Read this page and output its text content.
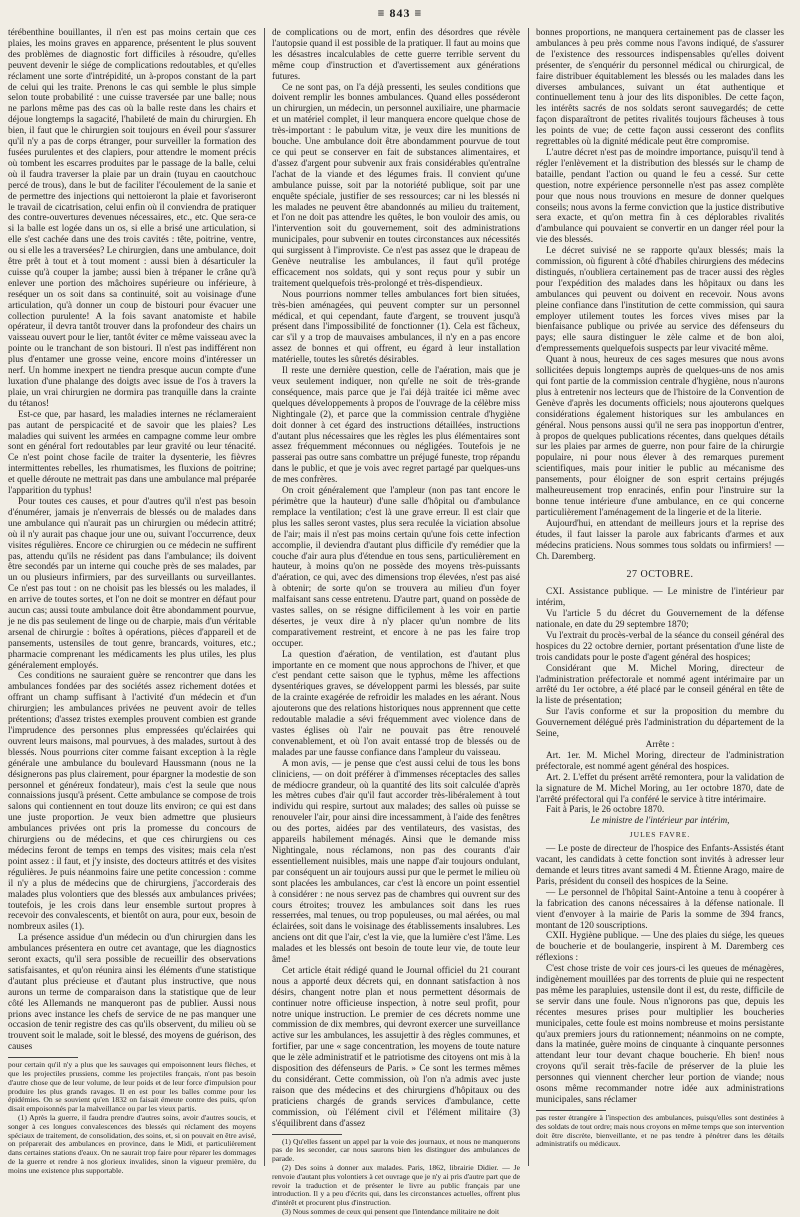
≡ 843 ≡

térébenthine bouillantes, il n'en est pas moins certain que ces plaies, les moins graves en apparence, présentent le plus souvent des problèmes de diagnostic fort difficiles à résoudre, qu'elles peuvent devenir le siége de complications redoutables, et qu'elles réclament une sorte d'intrépidité, un à-propos constant de la part de celui qui les traite. Prenons le cas qui semble le plus simple selon toute probabilité : une cuisse traversée par une balle; nous ne parlons même pas des cas où la balle reste dans les chairs et déjoue longtemps la sagacité, l'habileté de main du chirurgien. Eh bien, il faut que le chirurgien soit toujours en éveil pour s'assurer qu'il n'y a pas de corps étranger, pour surveiller la formation des fusées purulentes et des clapiers, pour attendre le moment précis où tombent les escarres produites par le passage de la balle, celui où il faudra traverser la plaie par un drain (tuyau en caoutchouc percé de trous), dans le but de faciliter l'écoulement de la sanie et de permettre des injections qui nettoieront la plaie et favoriseront le travail de cicatrisation, celui enfin où il conviendra de pratiquer des contre-ouvertures devenues nécessaires, etc., etc. Que sera-ce si la balle est logée dans un os, si elle a brisé une articulation, si elle s'est cachée dans une des trois cavités : tête, poitrine, ventre, ou si elle les a traversées? Le chirurgien, dans une ambulance, doit être prêt à tout et à tout moment : aussi bien à désarticuler la cuisse qu'à couper la jambe; aussi bien à trépaner le crâne qu'à enlever une portion des mâchoires supérieure ou inférieure, à reséquer un os soit dans sa continuité, soit au voisinage d'une articulation, qu'à donner un coup de bistouri pour évacuer une collection purulente! A la fois savant anatomiste et habile opérateur, il devra tantôt trouver dans la profondeur des chairs un vaisseau ouvert pour le lier, tantôt éviter ce même vaisseau avec la pointe ou le tranchant de son bistouri. Il n'est pas indifférent non plus d'entamer une grosse veine, encore moins d'intéresser un nerf. Un homme inexpert ne tiendra presque aucun compte d'une luxation d'une phalange des doigts avec issue de l'os à travers la plaie, un vrai chirurgien ne dormira pas tranquille dans la crainte du tétanos!

Est-ce que, par hasard, les maladies internes ne réclameraient pas autant de perspicacité et de savoir que les plaies? Les maladies qui suivent les armées en campagne comme leur ombre sont en général fort redoutables par leur gravité ou leur ténacité. Ce n'est point chose facile de traiter la dysenterie, les fièvres intermittentes rebelles, les rhumatismes, les fluxions de poitrine; et quelle déroute ne mettrait pas dans une ambulance mal préparée l'apparition du typhus!

Pour toutes ces causes, et pour d'autres qu'il n'est pas besoin d'énumérer, jamais je n'enverrais de blessés ou de malades dans une ambulance qui n'aurait pas un chirurgien ou médecin attitré; où il n'y aurait pas chaque jour une ou, suivant l'occurrence, deux visites régulières. Encore ce chirurgien ou ce médecin ne suffirent pas, attendu qu'ils ne résident pas dans l'ambulance; ils doivent être secondés par un interne qui couche près de ses malades, par un ou plusieurs infirmiers, par des surveillants ou surveillantes. Ce n'est pas tout : on ne choisit pas les blessés ou les malades, il en arrive de toutes sortes, et l'on ne doit se montrer en défaut pour aucun cas; aussi toute ambulance doit être abondamment pourvue, je ne dis pas seulement de linge ou de charpie, mais d'un véritable arsenal de chirurgie : boîtes à opérations, pièces d'appareil et de pansements, ustensiles de tout genre, brancards, voitures, etc.; pharmacie comprenant les médicaments les plus utiles, les plus généralement employés.

Ces conditions ne sauraient guère se rencontrer que dans les ambulances fondées par des sociétés assez richement dotées et offrant un champ suffisant à l'activité d'un médecin et d'un chirurgien; les ambulances privées ne peuvent avoir de telles prétentions; d'assez tristes exemples prouvent combien est grande l'imprudence des personnes plus empressées qu'éclairées qui ouvrent leurs maisons, mal pourvues, à des malades, surtout à des blessés. Nous pourrions citer comme faisant exception à la règle générale une ambulance du boulevard Haussmann (nous ne la désignerons pas plus clairement, pour épargner la modestie de son personnel et généreux fondateur), mais c'est la seule que nous connaissions jusqu'à présent. Cette ambulance se compose de trois salons qui contiennent en tout douze lits environ; ce qui est dans une juste proportion. Je veux bien admettre que plusieurs ambulances privées ont pris la promesse du concours de chirurgiens ou de médecins, et que ces chirurgiens ou ces médecins feront de temps en temps des visites; mais cela n'est point assez : il faut, et j'y insiste, des docteurs attitrés et des visites régulières. Je puis néanmoins faire une petite concession : comme il n'y a plus de médecins que de chirurgiens, j'accorderais des malades plus volontiers que des blessés aux ambulances privées; toutefois, je les crois dans leur ensemble surtout propres à recevoir des convalescents, et bientôt on aura, pour eux, besoin de nombreux asiles (1).

La présence assidue d'un médecin ou d'un chirurgien dans les ambulances présentera en outre cet avantage, que les diagnostics seront exacts, qu'il sera possible de recueillir des observations satisfaisantes, et qu'on réunira ainsi les éléments d'une statistique d'autant plus précieuse et d'autant plus instructive, que nous aurons un terme de comparaison dans la statistique que de leur côté les Allemands ne manqueront pas de publier. Aussi nous prions avec instance les chefs de service de ne pas manquer une occasion de tenir registre des cas qu'ils observent, du milieu où se trouvent soit le malade, soit le blessé, des moyens de guérison, des causes

pour certain qu'il n'y a plus que les sauvages qui empoisonnent leurs flèches, et que les projectiles prussiens, comme les projectiles français, n'ont pas besoin d'autre chose que de leur volume, de leur poids et de leur force d'impulsion pour produire les plus grands ravages. Il en est pour les balles comme pour les épidémies. On se souvient qu'en 1832 on faisait émeute contre des puits, qu'on disait empoisonnés par la malveillance ou par les vieux partis.

(1) Après la guerre, il faudra prendre d'autres soins, avoir d'autres soucis, et songer à ces longues convalescences des blessés qui réclament des moyens spéciaux de traitement, de consolidation, des soins, et, si on pouvait en être avisé, on préparerait des ambulances en province, dans le Midi, et particulièrement dans certaines stations d'eaux. On ne saurait trop faire pour réparer les dommages de la guerre et rendre à nos glorieux invalides, sinon la vigueur première, du moins une existence plus supportable.

de complications ou de mort, enfin des désordres que révèle l'autopsie quand il est possible de la pratiquer. Il faut au moins que les désastres incalculables de cette guerre terrible servent du même coup d'instruction et d'avertissement aux générations futures.

Ce ne sont pas, on l'a déjà pressenti, les seules conditions que doivent remplir les bonnes ambulances. Quand elles posséderont un chirurgien, un médecin, un personnel auxiliaire, une pharmacie et un matériel complet, il leur manquera encore quelque chose de très-important : le pabulum vitæ, je veux dire les munitions de bouche. Une ambulance doit être abondamment pourvue de tout ce qui peut se conserver en fait de substances alimentaires, et d'assez d'argent pour subvenir aux frais considérables qu'entraîne l'achat de la viande et des légumes frais. Il convient qu'une ambulance puisse, soit par la notoriété publique, soit par une enquête spéciale, justifier de ses ressources; car ni les blessés ni les malades ne peuvent être abandonnés au milieu du traitement, et l'on ne doit pas attendre les quêtes, le bon vouloir des amis, ou l'intervention soit du gouvernement, soit des administrations municipales, pour subvenir en toutes circonstances aux nécessités qui surgissent à l'improviste. Ce n'est pas assez que le drapeau de Genève neutralise les ambulances, il faut qu'il protége efficacement nos soldats, qui y sont reçus pour y subir un traitement quelquefois très-prolongé et très-dispendieux.

Nous pourrions nommer telles ambulances fort bien situées, très-bien aménagées, qui peuvent compter sur un personnel médical, et qui cependant, faute d'argent, se trouvent jusqu'à présent dans l'impossibilité de fonctionner (1). Cela est fâcheux, car s'il y a trop de mauvaises ambulances, il n'y en a pas encore assez de bonnes et qui offrent, eu égard à leur installation matérielle, toutes les sûretés désirables.

Il reste une dernière question, celle de l'aération, mais que je veux seulement indiquer, non qu'elle ne soit de très-grande conséquence, mais parce que je l'ai déjà traitée ici même avec quelques développements à propos de l'ouvrage de la célèbre miss Nightingale (2), et parce que la commission centrale d'hygiène doit donner à cet égard des instructions détaillées, instructions d'autant plus nécessaires que les règles les plus élémentaires sont assez fréquemment méconnues ou négligées. Toutefois je ne passerai pas outre sans combattre un préjugé funeste, trop répandu dans le public, et que je vois avec regret partagé par quelques-uns de mes confrères.

On croit généralement que l'ampleur (non pas tant encore le périmètre que la hauteur) d'une salle d'hôpital ou d'ambulance remplace la ventilation; c'est là une grave erreur. Il est clair que plus les salles seront vastes, plus sera reculée la viciation absolue de l'air; mais il n'est pas moins certain qu'une fois cette infection accomplie, il deviendra d'autant plus difficile d'y remédier que la couche d'air aura plus d'étendue en tous sens, particulièrement en hauteur, à moins qu'on ne possède des moyens très-puissants d'aération, ce qui, avec des dimensions trop élevées, n'est pas aisé à obtenir; de sorte qu'on se trouvera au milieu d'un foyer malfaisant sans cesse entretenu. D'autre part, quand on possède de vastes salles, on se résigne difficilement à les voir en partie désertes, je veux dire à n'y placer qu'un nombre de lits comparativement restreint, et encore à ne pas les faire trop occuper.

La question d'aération, de ventilation, est d'autant plus importante en ce moment que nous approchons de l'hiver, et que c'est pendant cette saison que le typhus, même les affections dysentériques graves, se développent parmi les blessés, par suite de la crainte exagérée de refroidir les malades en les aérant. Nous ajouterons que des relations historiques nous apprennent que cette redoutable maladie a sévi fréquemment avec violence dans de vastes églises où l'air ne pouvait pas être renouvelé convenablement, et où l'on avait entassé trop de blessés ou de malades par une fausse confiance dans l'ampleur du vaisseau.

A mon avis, — je pense que c'est aussi celui de tous les bons cliniciens, — on doit préférer à d'immenses réceptacles des salles de médiocre grandeur, où la quantité des lits soit calculée d'après les mètres cubes d'air qu'il faut accorder très-libéralement à tout individu qui respire, surtout aux malades; des salles où puisse se renouveler l'air, pour ainsi dire incessamment, à l'aide des fenêtres ou des portes, aidées par des ventilateurs, des vasistas, des appareils habilement ménagés. Ainsi que le demande miss Nightingale, nous réclamons, non pas des courants d'air essentiellement nuisibles, mais une nappe d'air toujours ondulant, par conséquent un air toujours aussi pur que le permet le milieu où sont placées les ambulances, car c'est là encore un point essentiel à considérer : ne nous servez pas de chambres qui ouvrent sur des cours étroites; trouvez les ambulances soit dans les rues resserrées, mal tenues, ou trop populeuses, ou mal aérées, ou mal éclairées, soit dans le voisinage des établissements insalubres. Les anciens ont dit que l'air, c'est la vie, que la lumière c'est l'âme. Les malades et les blessés ont besoin de toute leur vie, de toute leur âme!

Cet article était rédigé quand le Journal officiel du 21 courant nous a apporté deux décrets qui, en donnant satisfaction à nos désirs, changent notre plan et nous permettent désormais de continuer notre officieuse inspection, à notre seul profit, pour notre unique instruction. Le premier de ces décrets nomme une commission de dix membres, qui devront exercer une surveillance active sur les ambulances, les assujettir à des règles communes, et fortifier, par une « sage concentration, les moyens de toute nature que le zèle administratif et le patriotisme des citoyens ont mis à la disposition des défenseurs de Paris. » Ce sont les termes mêmes du considérant. Cette commission, où l'on n'a admis avec juste raison que des médecins et des chirurgiens d'hôpitaux ou des praticiens chargés de grands services d'ambulance, cette commission, où l'élément civil et l'élément militaire (3) s'équilibrent dans d'assez

(1) Qu'elles fassent un appel par la voie des journaux, et nous ne manquerons pas de les seconder, car nous saurons bien les distinguer des ambulances de parade.

(2) Des soins à donner aux malades. Paris, 1862, librairie Didier. — Je renvoie d'autant plus volontiers à cet ouvrage que je n'y ai pris d'autre part que de revoir la traduction et de présenter le livre au public français par une introduction. Il y a peu d'écrits qui, dans les circonstances actuelles, offrent plus d'intérêt et procurent plus d'instruction.

(3) Nous sommes de ceux qui pensent que l'intendance militaire ne doit

bonnes proportions, ne manquera certainement pas de classer les ambulances à peu près comme nous l'avons indiqué, de s'assurer de l'existence des ressources indispensables qu'elles doivent présenter, de s'enquérir du personnel médical ou chirurgical, de faire distribuer équitablement les blessés ou les malades dans les diverses ambulances, suivant un état authentique et continuellement tenu à jour des lits disponibles. De cette façon, les intérêts sacrés de nos soldats seront sauvegardés; de cette façon disparaîtront de petites rivalités toujours fâcheuses à tous les points de vue; de cette façon aussi cesseront des conflits regrettables où la dignité médicale peut être compromise.

L'autre décret n'est pas de moindre importance, puisqu'il tend à régler l'enlèvement et la distribution des blessés sur le champ de bataille, pendant l'action ou quand le feu a cessé. Sur cette question, notre expérience personnelle n'est pas assez complète pour que nous nous trouvions en mesure de donner quelques conseils; nous avons la ferme conviction que la justice distributive sera exacte, et qu'on mettra fin à ces déplorables rivalités d'ambulance qui pouvaient se convertir en un danger réel pour la vie des blessés.

Le décret suivisé ne se rapporte qu'aux blessés; mais la commission, où figurent à côté d'habiles chirurgiens des médecins distingués, n'oubliera certainement pas de tracer aussi des règles pour l'expédition des malades dans les hôpitaux ou dans les ambulances qui peuvent ou doivent en recevoir. Nous avons pleine confiance dans l'institution de cette commission, qui saura employer utilement toutes les forces vives mises par la bienfaisance publique ou privée au service des défenseurs du pays; elle saura distinguer le zèle calme et de bon aloi, d'empressements quelquefois suspects par leur vivacité même.

Quant à nous, heureux de ces sages mesures que nous avons sollicitées depuis longtemps auprès de quelques-uns de nos amis qui font partie de la commission centrale d'hygiène, nous n'aurons plus à entretenir nos lecteurs que de l'histoire de la Convention de Genève d'après les documents officiels; nous ajouterons quelques considérations également historiques sur les ambulances en général. Nous pensons aussi qu'il ne sera pas inopportun d'entrer, à propos de quelques publications récentes, dans quelques détails sur les plaies par armes de guerre, non pour faire de la chirurgie populaire, ni pour nous élever à des remarques purement scientifiques, mais pour initier le public au mécanisme des pansements, pour éloigner de son esprit certains préjugés malheureusement trop enracinés, enfin pour l'instruire sur la bonne tenue intérieure d'une ambulance, en ce qui concerne particulièrement l'aménagement de la lingerie et de la literie.

Aujourd'hui, en attendant de meilleurs jours et la reprise des études, il faut laisser la parole aux fabricants d'armes et aux médecins praticiens. Nous sommes tous soldats ou infirmiers! — Ch. Daremberg.

27 OCTOBRE.

CXI. Assistance publique. — Le ministre de l'intérieur par intérim,

Vu l'article 5 du décret du Gouvernement de la défense nationale, en date du 29 septembre 1870;

Vu l'extrait du procès-verbal de la séance du conseil général des hospices du 22 octobre dernier, portant présentation d'une liste de trois candidats pour le poste d'agent général des hospices;

Considérant que M. Michel Moring, directeur de l'administration préfectorale et nommé agent intérimaire par un arrêté du 1er octobre, a été placé par le conseil général en tête de la liste de présentation;

Sur l'avis conforme et sur la proposition du membre du Gouvernement délégué près l'administration du département de la Seine,

Arrête :

Art. 1er. M. Michel Moring, directeur de l'administration préfectorale, est nommé agent général des hospices.

Art. 2. L'effet du présent arrêté remontera, pour la validation de la signature de M. Michel Moring, au 1er octobre 1870, date de l'arrêté préfectoral qui l'a conféré le service à titre intérimaire.

Fait à Paris, le 26 octobre 1870.

Le ministre de l'intérieur par intérim,

JULES FAVRE.

— Le poste de directeur de l'hospice des Enfants-Assistés étant vacant, les candidats à cette fonction sont invités à adresser leur demande et leurs titres avant samedi 4 M. Étienne Arago, maire de Paris, président du conseil des hospices de la Seine.

— Le personnel de l'hôpital Saint-Antoine a tenu à coopérer à la fabrication des canons nécessaires à la défense nationale. Il vient d'envoyer à la mairie de Paris la somme de 394 francs, montant de 120 souscriptions.

CXII. Hygiène publique. — Une des plaies du siége, les queues de boucherie et de boulangerie, inspirent à M. Daremberg ces réflexions :

C'est chose triste de voir ces jours-ci les queues de ménagères, indigènement mouillées par des torrents de pluie qui ne respectent pas même les parapluies, ustensile dont il est, du reste, difficile de se servir dans une foule. Nous n'ignorons pas que, depuis les récentes mesures prises pour multiplier les boucheries municipales, cette foule est moins nombreuse et moins persistante qu'aux premiers jours du rationnement; néanmoins on ne compte, dans la matinée, guère moins de cinquante à cinquante personnes attendant leur tour devant chaque boucherie. Eh bien! nous croyons qu'il serait très-facile de préserver de la pluie les personnes qui viennent chercher leur portion de viande; nous osons même recommander notre idée aux administrations municipales, sans réclamer

pas rester étrangère à l'inspection des ambulances, puisqu'elles sont destinées à des soldats de tout ordre; mais nous croyons en même temps que son intervention doit être discrète, bienveillante, et ne pas tendre à pénétrer dans les détails administratifs ou médicaux.
